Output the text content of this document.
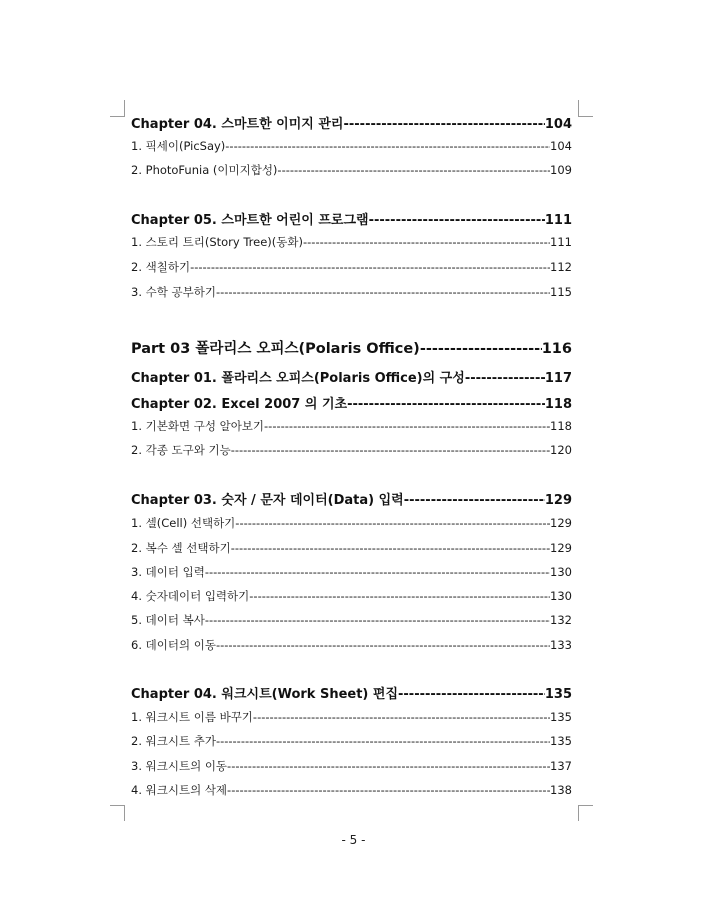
Chapter 04. 스마트한 이미지 관리 -----	104
1. 픽세이(PicSay) -----	104
2. PhotoFunia (이미지합성) -----	109
Chapter 05. 스마트한 어린이 프로그램 -----	111
1. 스토리 트리(Story Tree)(동화) -----	111
2. 색칠하기 -----	112
3. 수학 공부하기 -----	115
Part 03 폴라리스 오피스(Polaris Office) -----	116
Chapter 01. 폴라리스 오피스(Polaris Office)의 구성 -----	117
Chapter 02. Excel 2007 의 기초 -----	118
1. 기본화면 구성 알아보기 -----	118
2. 각종 도구와 기능 -----	120
Chapter 03. 숫자 / 문자 데이터(Data) 입력 -----	129
1. 셀(Cell) 선택하기 -----	129
2. 복수 셀 선택하기 -----	129
3. 데이터 입력 -----	130
4. 숫자데이터 입력하기 -----	130
5. 데이터 복사 -----	132
6. 데이터의 이동 -----	133
Chapter 04. 워크시트(Work Sheet) 편집 -----	135
1. 워크시트 이름 바꾸기 -----	135
2. 워크시트 추가 -----	135
3. 워크시트의 이동 -----	137
4. 워크시트의 삭제 -----	138
- 5 -
